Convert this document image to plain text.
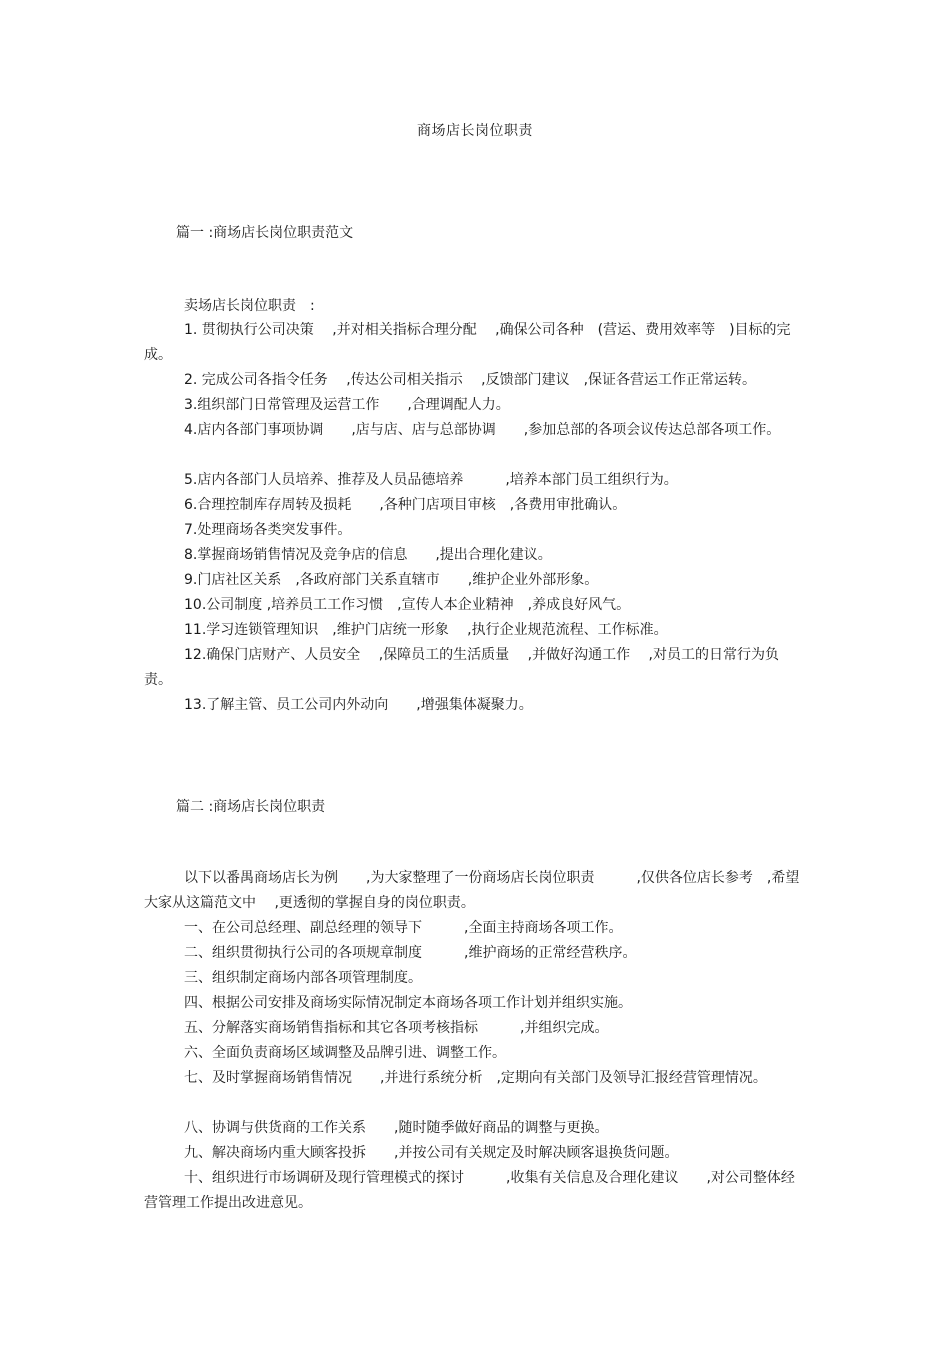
商场店长岗位职责
篇一 :商场店长岗位职责范文

卖场店长岗位职责　:

1. 贯彻执行公司决策　 ,并对相关指标合理分配　 ,确保公司各种　(营运、费用效率等　)目标的完成。

2. 完成公司各指令任务　 ,传达公司相关指示　 ,反馈部门建议　,保证各营运工作正常运转。

3.组织部门日常管理及运营工作　　,合理调配人力。

4.店内各部门事项协调　　,店与店、店与总部协调　　,参加总部的各项会议传达总部各项工作。

5.店内各部门人员培养、推荐及人员品德培养　　　,培养本部门员工组织行为。

6.合理控制库存周转及损耗　　,各种门店项目审核　,各费用审批确认。

7.处理商场各类突发事件。

8.掌握商场销售情况及竞争店的信息　　,提出合理化建议。

9.门店社区关系　,各政府部门关系直辖市　　,维护企业外部形象。

10.公司制度 ,培养员工工作习惯　,宣传人本企业精神　,养成良好风气。

11.学习连锁管理知识　,维护门店统一形象　 ,执行企业规范流程、工作标准。

12.确保门店财产、人员安全　 ,保障员工的生活质量　 ,并做好沟通工作　 ,对员工的日常行为负责。

13.了解主管、员工公司内外动向　　,增强集体凝聚力。

篇二 :商场店长岗位职责

以下以番禺商场店长为例　　,为大家整理了一份商场店长岗位职责　　　,仅供各位店长参考　,希望大家从这篇范文中　 ,更透彻的掌握自身的岗位职责。

一、在公司总经理、副总经理的领导下　　　,全面主持商场各项工作。

二、组织贯彻执行公司的各项规章制度　　　,维护商场的正常经营秩序。

三、组织制定商场内部各项管理制度。

四、根据公司安排及商场实际情况制定本商场各项工作计划并组织实施。

五、分解落实商场销售指标和其它各项考核指标　　　,并组织完成。

六、全面负责商场区域调整及品牌引进、调整工作。

七、及时掌握商场销售情况　　,并进行系统分析　,定期向有关部门及领导汇报经营管理情况。

八、协调与供货商的工作关系　　,随时随季做好商品的调整与更换。

九、解决商场内重大顾客投拆　　,并按公司有关规定及时解决顾客退换货问题。

十、组织进行市场调研及现行管理模式的探讨　　　,收集有关信息及合理化建议　　,对公司整体经营管理工作提出改进意见。
